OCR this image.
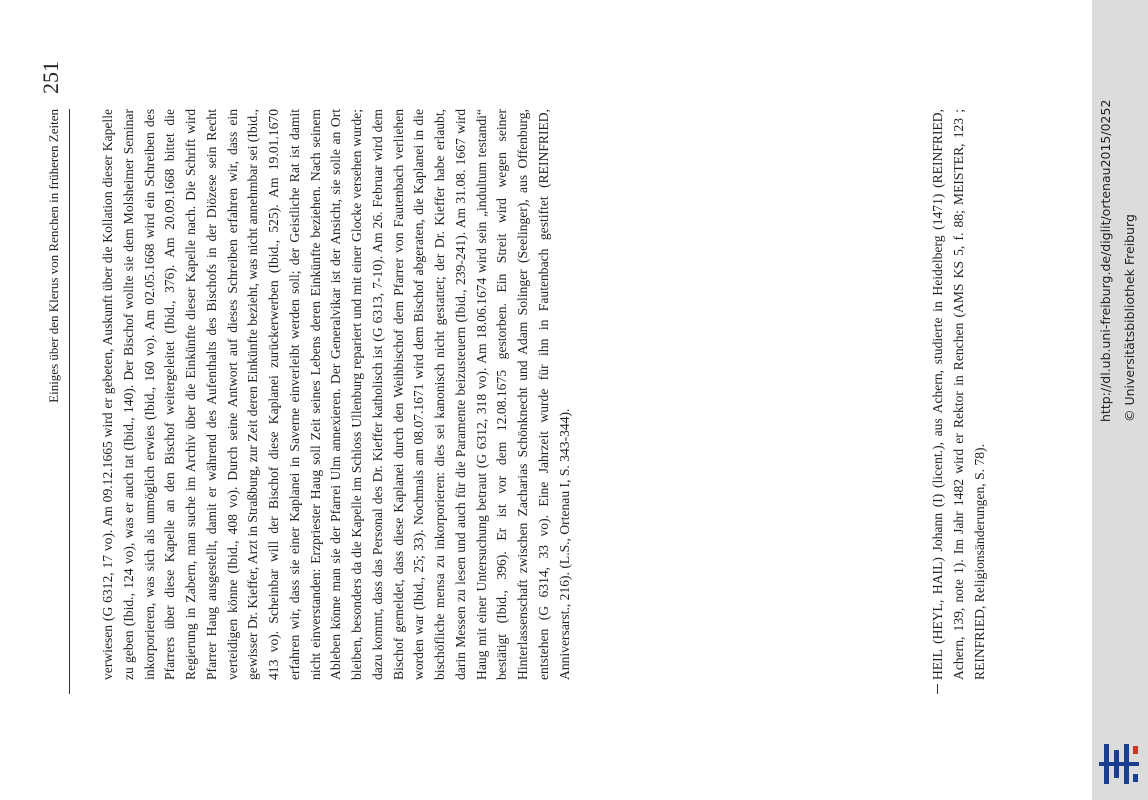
Einiges über den Klerus von Renchen in früheren Zeiten
251

verwiesen (G 6312, 17 vo). Am 09.12.1665 wird er gebeten, Auskunft über die Kollation dieser Kapelle zu geben (Ibid., 124 vo), was er auch tat (Ibid., 140). Der Bischof wollte sie dem Molsheimer Seminar inkorporieren, was sich als unmöglich erwies (Ibid., 160 vo). Am 02.05.1668 wird ein Schreiben des Pfarrers über diese Kapelle an den Bischof weitergeleitet (Ibid., 376). Am 20.09.1668 bittet die Regierung in Zabern, man suche im Archiv über die Einkünfte dieser Kapelle nach. Die Schrift wird Pfarrer Haug ausgestellt, damit er während des Aufenthalts des Bischofs in der Diözese sein Recht verteidigen könne (Ibid., 408 vo). Durch seine Antwort auf dieses Schreiben erfahren wir, dass ein gewisser Dr. Kieffer, Arzt in Straßburg, zur Zeit deren Einkünfte bezieht, was nicht annehmbar sei (Ibid., 413 vo). Scheinbar will der Bischof diese Kaplanei zurückerwerben (Ibid., 525). Am 19.01.1670 erfahren wir, dass sie einer Kaplanei in Saverne einverleibt werden soll; der Geistliche Rat ist damit nicht einverstanden: Erzpriester Haug soll Zeit seines Lebens deren Einkünfte beziehen. Nach seinem Ableben könne man sie der Pfarrei Ulm annexieren. Der Generalvikar ist der Ansicht, sie solle an Ort bleiben, besonders da die Kapelle im Schloss Ullenburg repariert und mit einer Glocke versehen wurde; dazu kommt, dass das Personal des Dr. Kieffer katholisch ist (G 6313, 7-10). Am 26. Februar wird dem Bischof gemeldet, dass diese Kaplanei durch den Weihbischof dem Pfarrer von Fautenbach verliehen worden war (Ibid., 25; 33). Nochmals am 08.07.1671 wird dem Bischof abgeraten, die Kaplanei in die bischöfliche mensa zu inkorporieren: dies sei kanonisch nicht gestattet; der Dr. Kieffer habe erlaubt, darin Messen zu lesen und auch für die Paramente beizusteuern (Ibid., 239-241). Am 31.08. 1667 wird Haug mit einer Untersuchung betraut (G 6312, 318 vo). Am 18.06.1674 wird sein „indultum testandi“ bestätigt (Ibid., 396). Er ist vor dem 12.08.1675 gestorben. Ein Streit wird wegen seiner Hinterlassenschaft zwischen Zacharias Schönknecht und Adam Solinger (Seelinger), aus Offenburg, entstehen (G 6314, 33 vo). Eine Jahrzeit wurde für ihn in Fautenbach gestiftet (REINFRIED, Anniversarst., 216). (L.S., Ortenau I, S. 343-344).	HEIL (HEYL, HAIL) Johann (I) (licent.), aus Achern, studierte in Heidelberg (1471) (REINFRIED, Achern, 139, note 1). Im Jahr 1482 wird er Rektor in Renchen (AMS KS 5, f. 88; MEISTER, 123 ; REINFRIED, Religionsänderungen, S. 78).
http://dl.ub.uni-freiburg.de/diglit/ortenau2015/0252 © Universitätsbibliothek Freiburg
